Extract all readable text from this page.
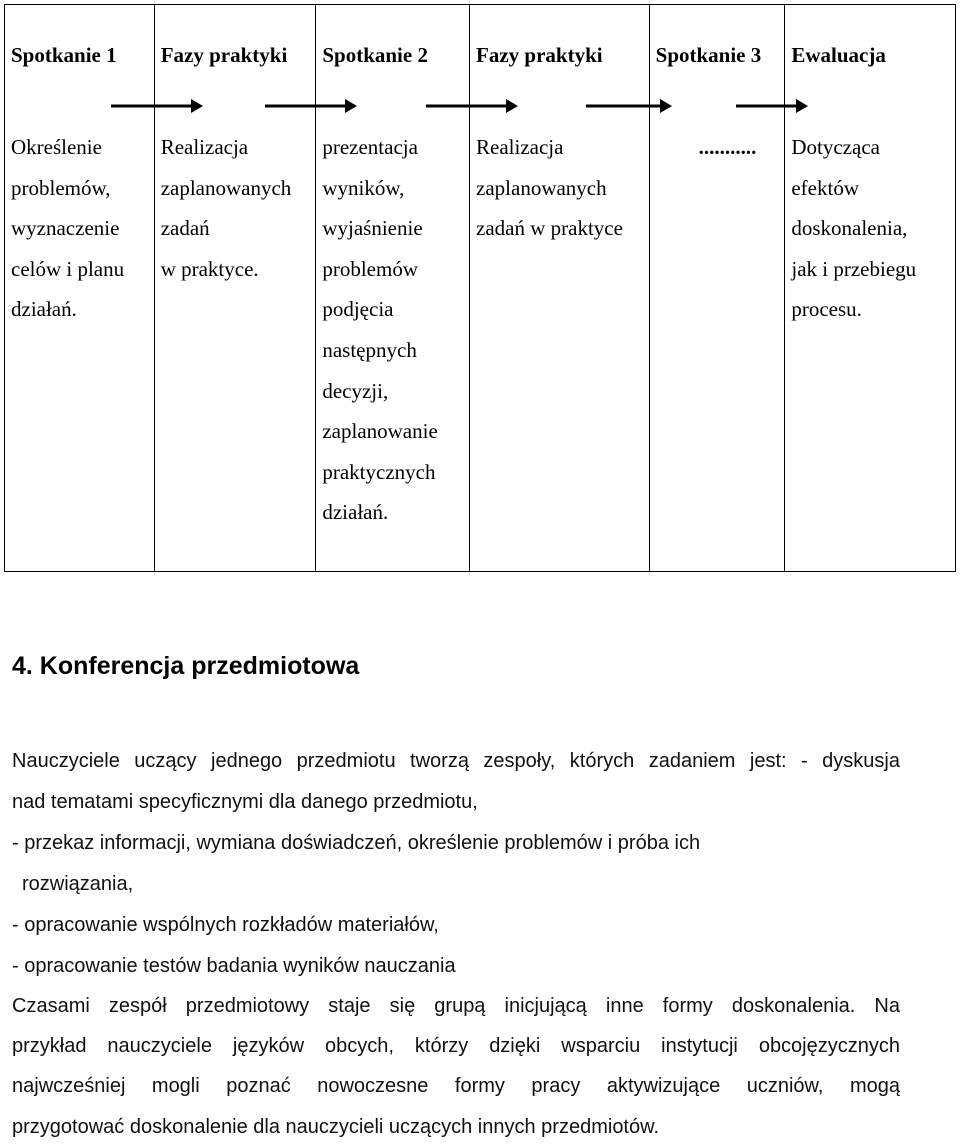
Spotkanie 1
Określenie
problemów,
wyznaczenie
celów i planu
działań.
Fazy praktyki
Realizacja
zaplanowanych
zadań
w praktyce.
Spotkanie 2
prezentacja
wyników,
wyjaśnienie
problemów
podjęcia
następnych
decyzji,
zaplanowanie
praktycznych
działań.
Fazy praktyki
Realizacja
zaplanowanych
zadań w praktyce
Spotkanie 3
...........
Ewaluacja
Dotycząca
efektów
doskonalenia,
jak i przebiegu
procesu.
4. Konferencja przedmiotowa
Nauczyciele uczący jednego przedmiotu tworzą zespoły, których zadaniem jest: - dyskusja
nad tematami specyficznymi dla danego przedmiotu,
- przekaz informacji, wymiana doświadczeń, określenie problemów i próba ich
rozwiązania,
- opracowanie wspólnych rozkładów materiałów,
- opracowanie testów badania wyników nauczania
Czasami zespół przedmiotowy staje się grupą inicjującą inne formy doskonalenia. Na
przykład nauczyciele języków obcych, którzy dzięki wsparciu instytucji obcojęzycznych
najwcześniej mogli poznać nowoczesne formy pracy aktywizujące uczniów, mogą
przygotować doskonalenie dla nauczycieli uczących innych przedmiotów.
